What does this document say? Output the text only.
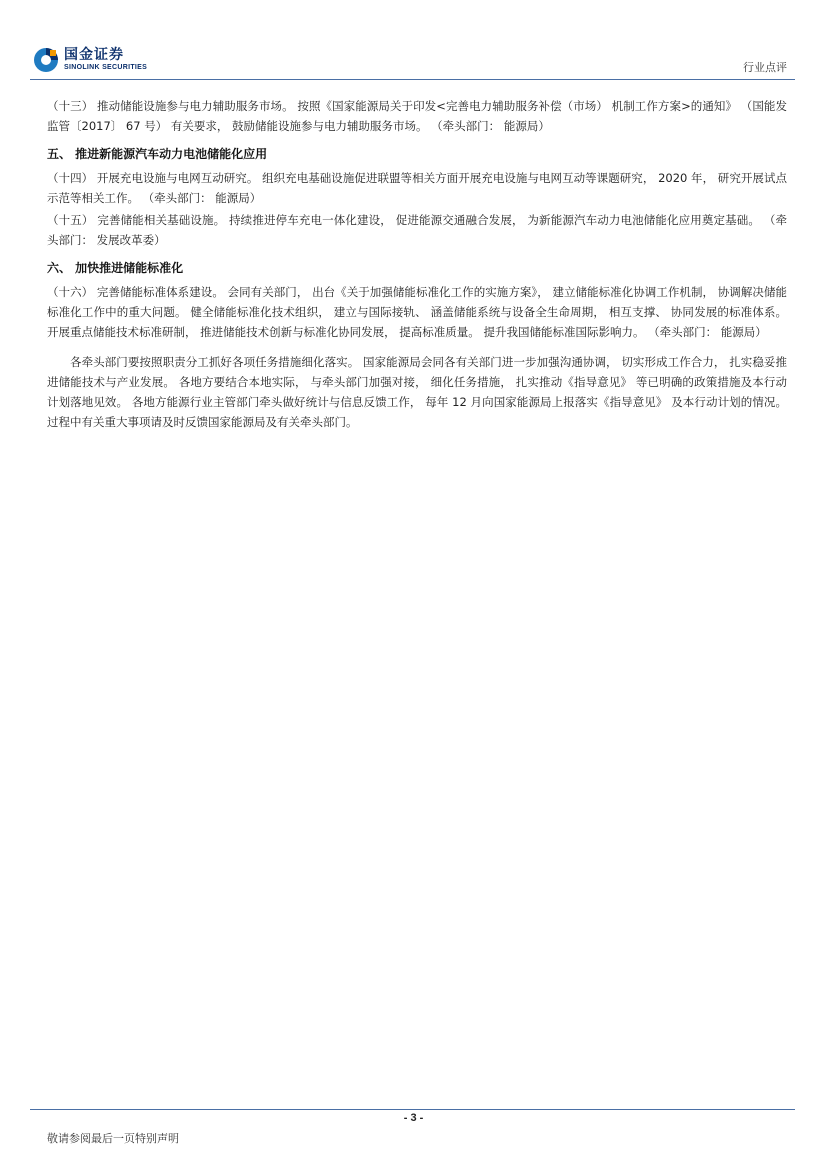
国金证券
SINOLINK SECURITIES	行业点评

（十三） 推动储能设施参与电力辅助服务市场。 按照《国家能源局关于印发<完善电力辅助服务补偿（市场） 机制工作方案>的通知》 （国能发监管〔2017〕 67 号） 有关要求， 鼓励储能设施参与电力辅助服务市场。 （牵头部门： 能源局）

五、 推进新能源汽车动力电池储能化应用

（十四） 开展充电设施与电网互动研究。 组织充电基础设施促进联盟等相关方面开展充电设施与电网互动等课题研究， 2020 年， 研究开展试点示范等相关工作。 （牵头部门： 能源局）

（十五） 完善储能相关基础设施。 持续推进停车充电一体化建设， 促进能源交通融合发展， 为新能源汽车动力电池储能化应用奠定基础。 （牵头部门： 发展改革委）

六、 加快推进储能标准化

（十六） 完善储能标准体系建设。 会同有关部门， 出台《关于加强储能标准化工作的实施方案》， 建立储能标准化协调工作机制， 协调解决储能标准化工作中的重大问题。 健全储能标准化技术组织， 建立与国际接轨、 涵盖储能系统与设备全生命周期， 相互支撑、 协同发展的标准体系。 开展重点储能技术标准研制， 推进储能技术创新与标准化协同发展， 提高标准质量。 提升我国储能标准国际影响力。 （牵头部门： 能源局）

各牵头部门要按照职责分工抓好各项任务措施细化落实。 国家能源局会同各有关部门进一步加强沟通协调， 切实形成工作合力， 扎实稳妥推进储能技术与产业发展。 各地方要结合本地实际， 与牵头部门加强对接， 细化任务措施， 扎实推动《指导意见》 等已明确的政策措施及本行动计划落地见效。 各地方能源行业主管部门牵头做好统计与信息反馈工作， 每年 12 月向国家能源局上报落实《指导意见》 及本行动计划的情况。 过程中有关重大事项请及时反馈国家能源局及有关牵头部门。

- 3 -
敬请参阅最后一页特别声明
